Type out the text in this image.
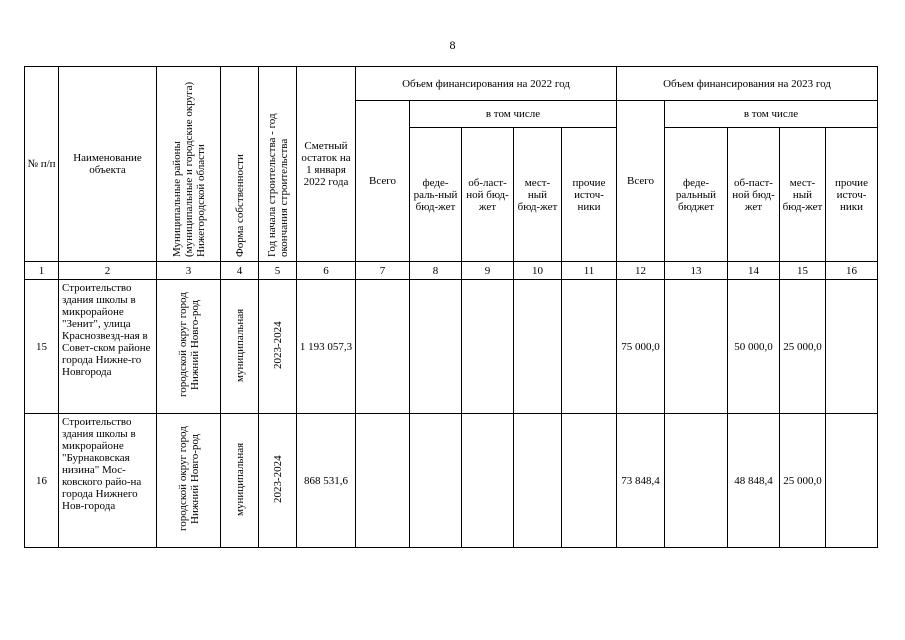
8
№ п/п	Наименование объекта	Муниципальные районы (муниципальные и городские округа) Нижегородской области	Форма собственности	Год начала строительства - год окончания строительства	Сметный остаток на 1 января 2022 года	Объем финансирования на 2022 год					Объем финансирования на 2023 год				
						Всего	в том числе				Всего	в том числе			
							феде-раль-ный бюд-жет	об-ласт-ной бюд-жет	мест-ный бюд-жет	прочие источ-ники		феде-ральный бюджет	об-паст-ной бюд-жет	мест-ный бюд-жет	прочие источ-ники
1	2	3	4	5	6	7	8	9	10	11	12	13	14	15	16
15	Строительство здания школы в микрорайоне "Зенит", улица Краснозвезд-ная в Совет-ском районе города Нижне-го Новгорода	городской округ город Нижний Новго-род	муниципальная	2023-2024	1 193 057,3						75 000,0		50 000,0	25 000,0	
16	Строительство здания школы в микрорайоне "Бурнаковская низина" Мос-ковского райо-на города Нижнего Нов-города	городской округ город Нижний Новго-род	муниципальная	2023-2024	868 531,6						73 848,4		48 848,4	25 000,0	
